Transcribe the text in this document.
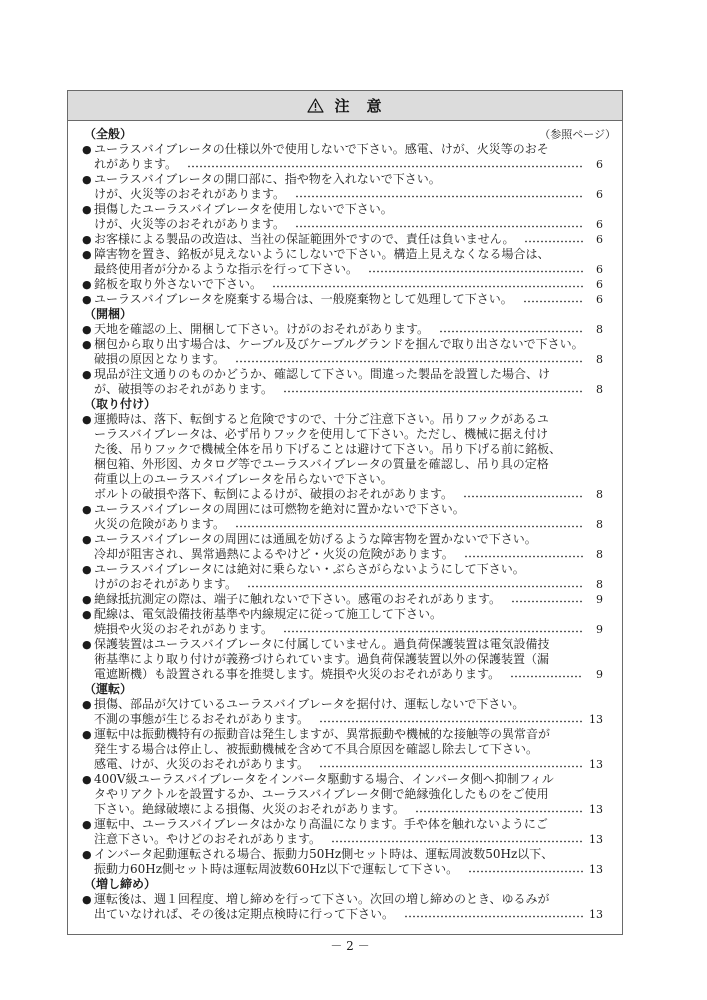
注　意
（参照ページ）
（全般）
● ユーラスバイブレータの仕様以外で使用しないで下さい。感電、けが、火災等のおそ
れがあります。	6
● ユーラスバイブレータの開口部に、指や物を入れないで下さい。
けが、火災等のおそれがあります。	6
● 損傷したユーラスバイブレータを使用しないで下さい。
けが、火災等のおそれがあります。	6
● お客様による製品の改造は、当社の保証範囲外ですので、責任は負いません。	6
● 障害物を置き、銘板が見えないようにしないで下さい。構造上見えなくなる場合は、
最終使用者が分かるような指示を行って下さい。	6
● 銘板を取り外さないで下さい。	6
● ユーラスバイブレータを廃棄する場合は、一般廃棄物として処理して下さい。	6
（開梱）
● 天地を確認の上、開梱して下さい。けがのおそれがあります。	8
● 梱包から取り出す場合は、ケーブル及びケーブルグランドを掴んで取り出さないで下さい。
破損の原因となります。	8
● 現品が注文通りのものかどうか、確認して下さい。間違った製品を設置した場合、け
が、破損等のおそれがあります。	8
（取り付け）
● 運搬時は、落下、転倒すると危険ですので、十分ご注意下さい。吊りフックがあるユ
ーラスバイブレータは、必ず吊りフックを使用して下さい。ただし、機械に据え付け
た後、吊りフックで機械全体を吊り下げることは避けて下さい。吊り下げる前に銘板、
梱包箱、外形図、カタログ等でユーラスバイブレータの質量を確認し、吊り具の定格
荷重以上のユーラスバイブレータを吊らないで下さい。
ボルトの破損や落下、転倒によるけが、破損のおそれがあります。	8
● ユーラスバイブレータの周囲には可燃物を絶対に置かないで下さい。
火災の危険があります。	8
● ユーラスバイブレータの周囲には通風を妨げるような障害物を置かないで下さい。
冷却が阻害され、異常過熱によるやけど・火災の危険があります。	8
● ユーラスバイブレータには絶対に乗らない・ぶらさがらないようにして下さい。
けがのおそれがあります。	8
● 絶縁抵抗測定の際は、端子に触れないで下さい。感電のおそれがあります。	9
● 配線は、電気設備技術基準や内線規定に従って施工して下さい。
焼損や火災のおそれがあります。	9
● 保護装置はユーラスバイブレータに付属していません。過負荷保護装置は電気設備技
術基準により取り付けが義務づけられています。過負荷保護装置以外の保護装置（漏
電遮断機）も設置される事を推奨します。焼損や火災のおそれがあります。	9
（運転）
● 損傷、部品が欠けているユーラスバイブレータを据付け、運転しないで下さい。
不測の事態が生じるおそれがあります。	13
● 運転中は振動機特有の振動音は発生しますが、異常振動や機械的な接触等の異常音が
発生する場合は停止し、被振動機械を含めて不具合原因を確認し除去して下さい。
感電、けが、火災のおそれがあります。	13
● 400V級ユーラスバイブレータをインバータ駆動する場合、インバータ側へ抑制フィル
タやリアクトルを設置するか、ユーラスバイブレータ側で絶縁強化したものをご使用
下さい。絶縁破壊による損傷、火災のおそれがあります。	13
● 運転中、ユーラスバイブレータはかなり高温になります。手や体を触れないようにご
注意下さい。やけどのおそれがあります。	13
● インバータ起動運転される場合、振動力50Hz側セット時は、運転周波数50Hz以下、
振動力60Hz側セット時は運転周波数60Hz以下で運転して下さい。	13
（増し締め）
● 運転後は、週１回程度、増し締めを行って下さい。次回の増し締めのとき、ゆるみが
出ていなければ、その後は定期点検時に行って下さい。	13
－ 2 －
